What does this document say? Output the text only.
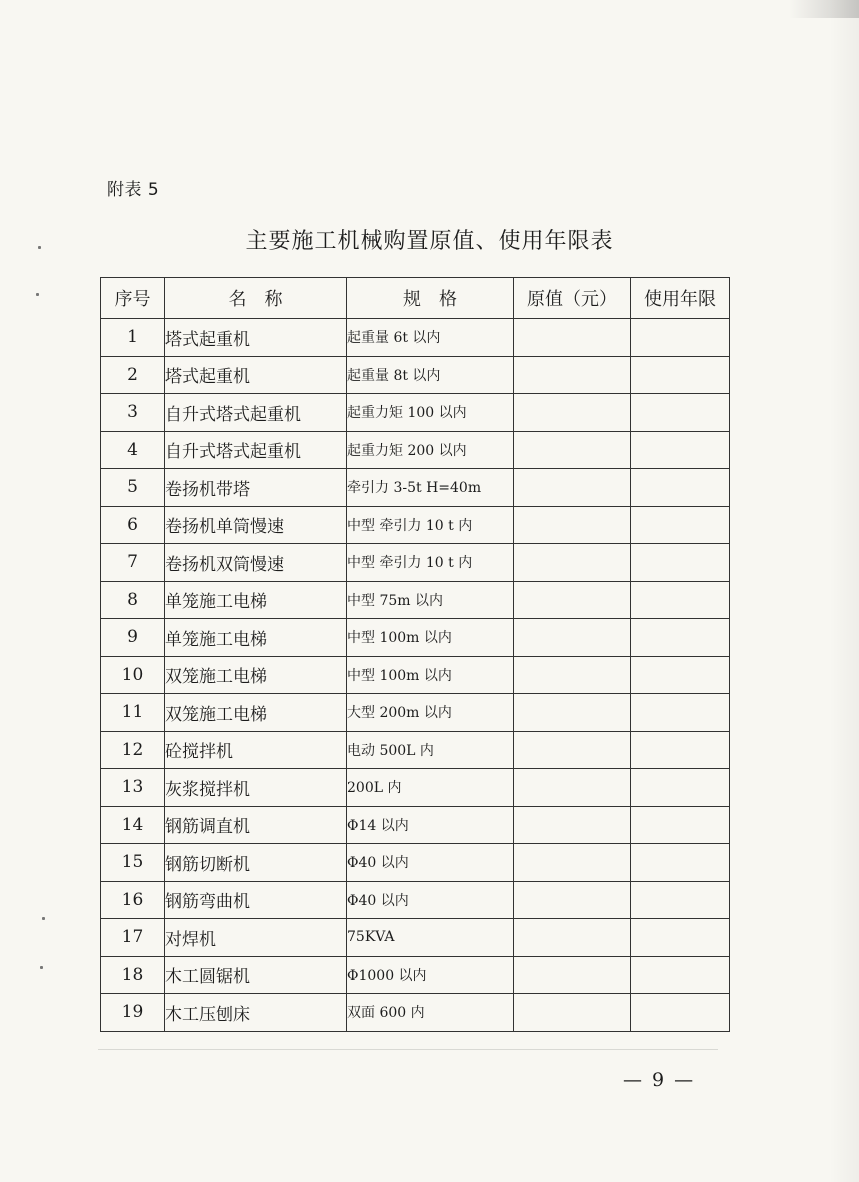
附表 5
主要施工机械购置原值、使用年限表
序号	名　称	规　格	原值（元）	使用年限
1	塔式起重机	起重量 6t 以内		
2	塔式起重机	起重量 8t 以内		
3	自升式塔式起重机	起重力矩 100 以内		
4	自升式塔式起重机	起重力矩 200 以内		
5	卷扬机带塔	牵引力 3-5t H=40m		
6	卷扬机单筒慢速	中型 牵引力 10 t 内		
7	卷扬机双筒慢速	中型 牵引力 10 t 内		
8	单笼施工电梯	中型 75m 以内		
9	单笼施工电梯	中型 100m 以内		
10	双笼施工电梯	中型 100m 以内		
11	双笼施工电梯	大型 200m 以内		
12	砼搅拌机	电动 500L 内		
13	灰浆搅拌机	200L 内		
14	钢筋调直机	Φ14 以内		
15	钢筋切断机	Φ40 以内		
16	钢筋弯曲机	Φ40 以内		
17	对焊机	75KVA		
18	木工圆锯机	Φ1000 以内		
19	木工压刨床	双面 600 内		
— 9 —
